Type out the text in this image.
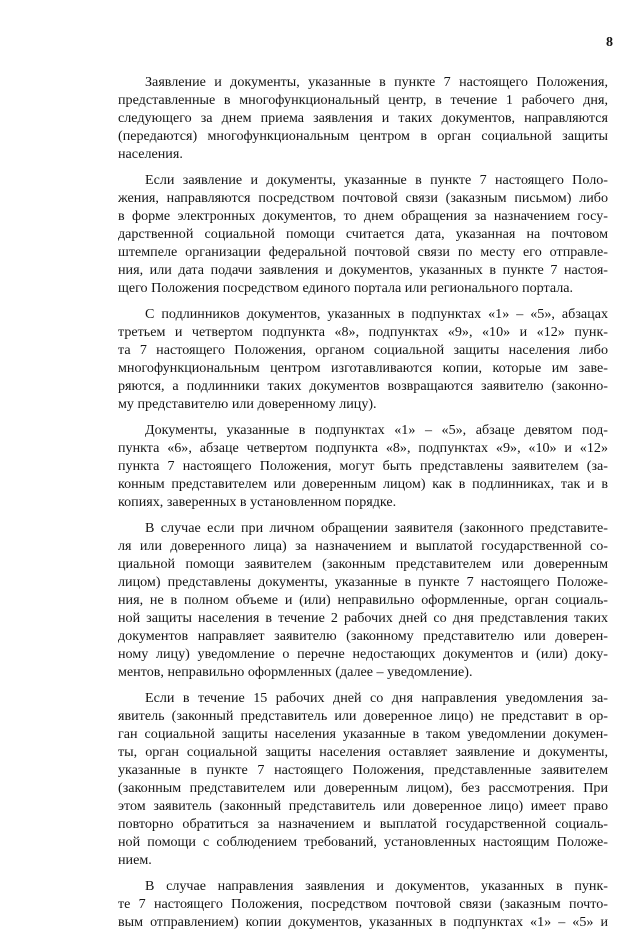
8
Заявление и документы, указанные в пункте 7 настоящего Положения,
представленные в многофункциональный центр, в течение 1 рабочего дня,
следующего за днем приема заявления и таких документов, направляются
(передаются) многофункциональным центром в орган социальной защиты
населения.
Если заявление и документы, указанные в пункте 7 настоящего Поло-
жения, направляются посредством почтовой связи (заказным письмом) либо
в форме электронных документов, то днем обращения за назначением госу-
дарственной социальной помощи считается дата, указанная на почтовом
штемпеле организации федеральной почтовой связи по месту его отправле-
ния, или дата подачи заявления и документов, указанных в пункте 7 настоя-
щего Положения посредством единого портала или регионального портала.
С подлинников документов, указанных в подпунктах «1» – «5», абзацах
третьем и четвертом подпункта «8», подпунктах «9», «10» и «12» пунк-
та 7 настоящего Положения, органом социальной защиты населения либо
многофункциональным центром изготавливаются копии, которые им заве-
ряются, а подлинники таких документов возвращаются заявителю (законно-
му представителю или доверенному лицу).
Документы, указанные в подпунктах «1» – «5», абзаце девятом под-
пункта «6», абзаце четвертом подпункта «8», подпунктах «9», «10» и «12»
пункта 7 настоящего Положения, могут быть представлены заявителем (за-
конным представителем или доверенным лицом) как в подлинниках, так и в
копиях, заверенных в установленном порядке.
В случае если при личном обращении заявителя (законного представите-
ля или доверенного лица) за назначением и выплатой государственной со-
циальной помощи заявителем (законным представителем или доверенным
лицом) представлены документы, указанные в пункте 7 настоящего Положе-
ния, не в полном объеме и (или) неправильно оформленные, орган социаль-
ной защиты населения в течение 2 рабочих дней со дня представления таких
документов направляет заявителю (законному представителю или доверен-
ному лицу) уведомление о перечне недостающих документов и (или) доку-
ментов, неправильно оформленных (далее – уведомление).
Если в течение 15 рабочих дней со дня направления уведомления за-
явитель (законный представитель или доверенное лицо) не представит в ор-
ган социальной защиты населения указанные в таком уведомлении докумен-
ты, орган социальной защиты населения оставляет заявление и документы,
указанные в пункте 7 настоящего Положения, представленные заявителем
(законным представителем или доверенным лицом), без рассмотрения. При
этом заявитель (законный представитель или доверенное лицо) имеет право
повторно обратиться за назначением и выплатой государственной социаль-
ной помощи с соблюдением требований, установленных настоящим Положе-
нием.
В случае направления заявления и документов, указанных в пунк-
те 7 настоящего Положения, посредством почтовой связи (заказным почто-
вым отправлением) копии документов, указанных в подпунктах «1» – «5» и
